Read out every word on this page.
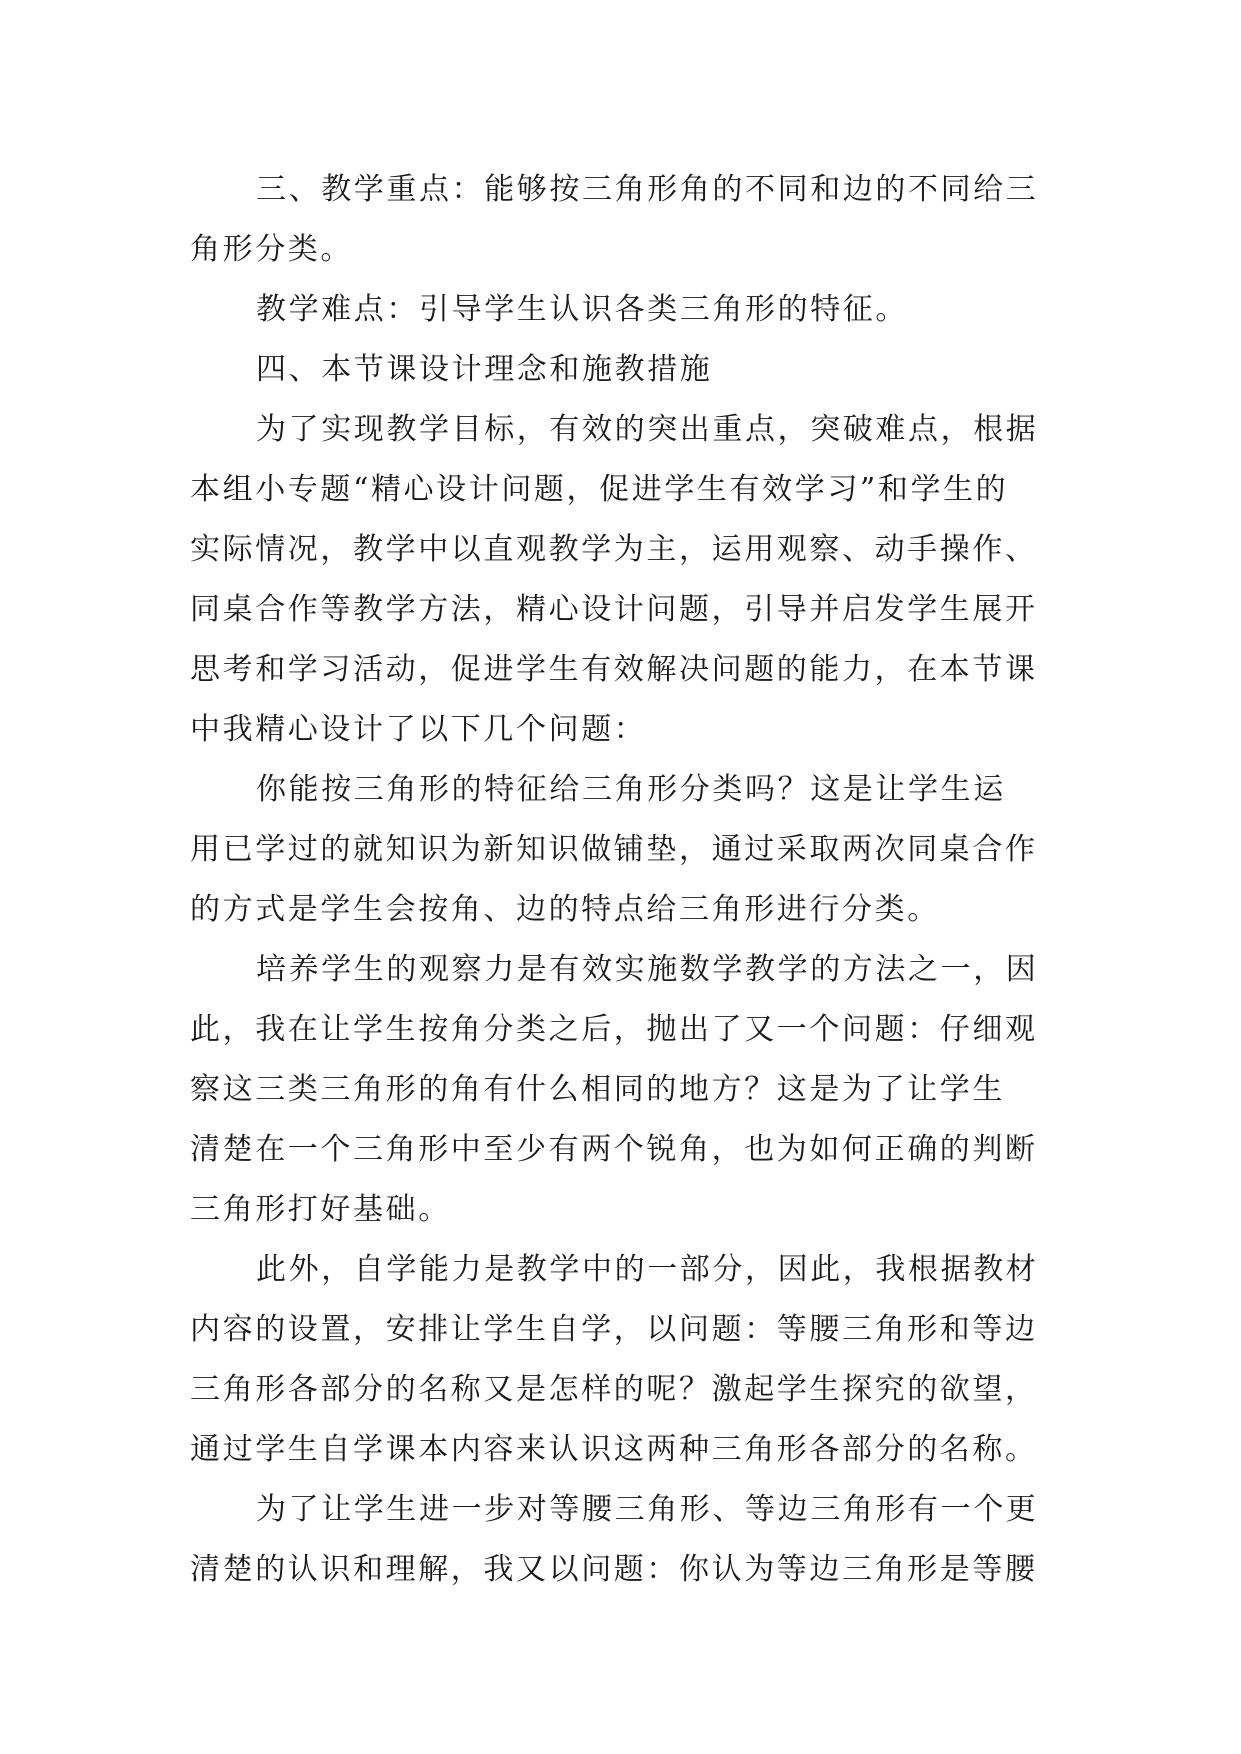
三、教学重点：能够按三角形角的不同和边的不同给三
角形分类。
教学难点：引导学生认识各类三角形的特征。
四、本节课设计理念和施教措施
为了实现教学目标，有效的突出重点，突破难点，根据
本组小专题“精心设计问题，促进学生有效学习”和学生的
实际情况，教学中以直观教学为主，运用观察、动手操作、
同桌合作等教学方法，精心设计问题，引导并启发学生展开
思考和学习活动，促进学生有效解决问题的能力，在本节课
中我精心设计了以下几个问题：
你能按三角形的特征给三角形分类吗？这是让学生运
用已学过的就知识为新知识做铺垫，通过采取两次同桌合作
的方式是学生会按角、边的特点给三角形进行分类。
培养学生的观察力是有效实施数学教学的方法之一，因
此，我在让学生按角分类之后，抛出了又一个问题：仔细观
察这三类三角形的角有什么相同的地方？这是为了让学生
清楚在一个三角形中至少有两个锐角，也为如何正确的判断
三角形打好基础。
此外，自学能力是教学中的一部分，因此，我根据教材
内容的设置，安排让学生自学，以问题：等腰三角形和等边
三角形各部分的名称又是怎样的呢？激起学生探究的欲望，
通过学生自学课本内容来认识这两种三角形各部分的名称。
为了让学生进一步对等腰三角形、等边三角形有一个更
清楚的认识和理解，我又以问题：你认为等边三角形是等腰
